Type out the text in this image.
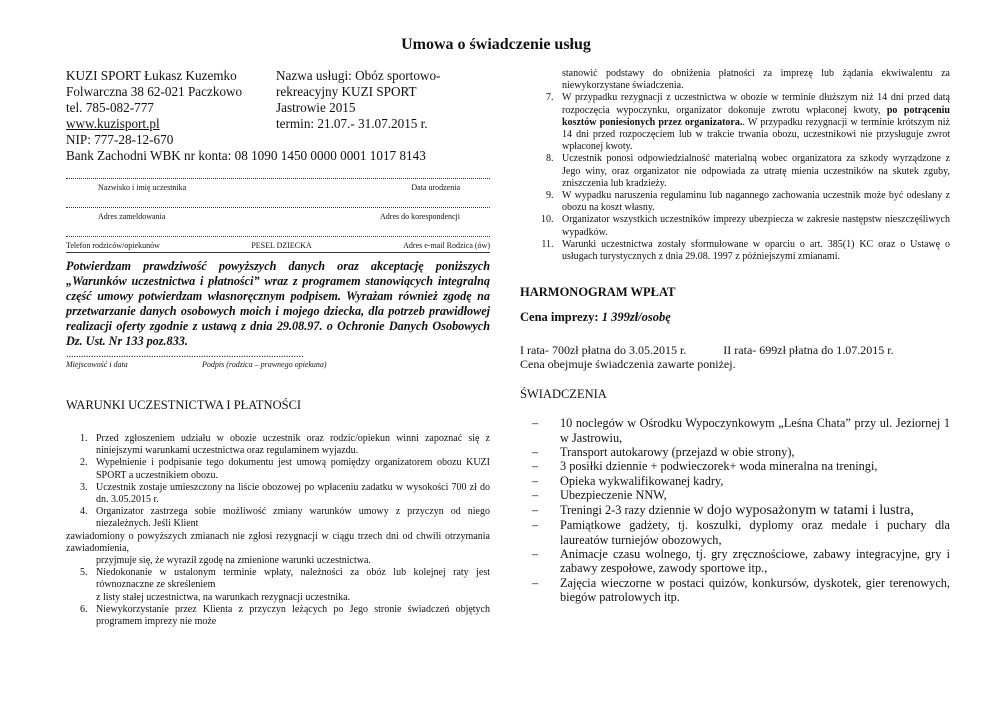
Umowa o świadczenie usług
KUZI SPORT Łukasz Kuzemko
Folwarczna 38 62-021 Paczkowo
tel. 785-082-777
www.kuzisport.pl
NIP: 777-28-12-670
Nazwa usługi: Obóz sportowo-
rekreacyjny KUZI SPORT
Jastrowie 2015
termin: 21.07.- 31.07.2015 r.
Bank Zachodni WBK nr konta: 08 1090 1450 0000 0001 1017 8143
Nazwisko i imię uczestnika	Data urodzenia
Adres zameldowania	Adres do korespondencji
Telefon rodziców/opiekunów	PESEL DZIECKA	Adres e-mail Rodzica (ów)
Potwierdzam prawdziwość powyższych danych oraz akceptację poniższych „Warunków uczestnictwa i płatności” wraz z programem stanowiących integralną część umowy potwierdzam własnoręcznym podpisem. Wyrażam również zgodę na przetwarzanie danych osobowych moich i mojego dziecka, dla potrzeb prawidłowej realizacji oferty zgodnie z ustawą z dnia 29.08.97. o Ochronie Danych Osobowych Dz. Ust. Nr 133 poz.833.
...............................................................................................
Miejscowość i data	Podpis (rodzica – prawnego opiekuna)
WARUNKI UCZESTNICTWA I PŁATNOŚCI
1. Przed zgłoszeniem udziału w obozie uczestnik oraz rodzic/opiekun winni zapoznać się z niniejszymi warunkami uczestnictwa oraz regulaminem wyjazdu.
2. Wypełnienie i podpisanie tego dokumentu jest umową pomiędzy organizatorem obozu KUZI SPORT a uczestnikiem obozu.
3. Uczestnik zostaje umieszczony na liście obozowej po wpłaceniu zadatku w wysokości 700 zł do dn. 3.05.2015 r.
4. Organizator zastrzega sobie możliwość zmiany warunków umowy z przyczyn od niego niezależnych. Jeśli Klient
zawiadomiony o powyższych zmianach nie zgłosi rezygnacji w ciągu trzech dni od chwili otrzymania zawiadomienia,
przyjmuje się, że wyraził zgodę na zmienione warunki uczestnictwa.
5. Niedokonanie w ustalonym terminie wpłaty, należności za obóz lub kolejnej raty jest równoznaczne ze skreśleniem
z listy stałej uczestnictwa, na warunkach rezygnacji uczestnika.
6. Niewykorzystanie przez Klienta z przyczyn leżących po Jego stronie świadczeń objętych programem imprezy nie może
stanowić podstawy do obniżenia płatności za imprezę lub żądania ekwiwalentu za niewykorzystane świadczenia.
7. W przypadku rezygnacji z uczestnictwa w obozie w terminie dłuższym niż 14 dni przed datą rozpoczęcia wypoczynku, organizator dokonuje zwrotu wpłaconej kwoty, po potrąceniu kosztów poniesionych przez organizatora.. W przypadku rezygnacji w terminie krótszym niż 14 dni przed rozpoczęciem lub w trakcie trwania obozu, uczestnikowi nie przysługuje zwrot wpłaconej kwoty.
8. Uczestnik ponosi odpowiedzialność materialną wobec organizatora za szkody wyrządzone z Jego winy, oraz organizator nie odpowiada za utratę mienia uczestników na skutek zguby, zniszczenia lub kradzieży.
9. W wypadku naruszenia regulaminu lub nagannego zachowania uczestnik może być odesłany z obozu na koszt własny.
10. Organizator wszystkich uczestników imprezy ubezpiecza w zakresie następstw nieszczęśliwych wypadków.
11. Warunki uczestnictwa zostały sformułowane w oparciu o art. 385(1) KC oraz o Ustawę o usługach turystycznych z dnia 29.08. 1997 z późniejszymi zmianami.
HARMONOGRAM WPŁAT
Cena imprezy: 1 399zł/osobę
I rata- 700zł płatna do 3.05.2015 r.	II rata- 699zł płatna do 1.07.2015 r.
Cena obejmuje świadczenia zawarte poniżej.
ŚWIADCZENIA
– 10 noclegów w Ośrodku Wypoczynkowym „Leśna Chata” przy ul. Jeziornej 1 w Jastrowiu,
– Transport autokarowy (przejazd w obie strony),
– 3 posiłki dziennie + podwieczorek+ woda mineralna na treningi,
– Opieka wykwalifikowanej kadry,
– Ubezpieczenie NNW,
– Treningi 2-3 razy dziennie w dojo wyposażonym w tatami i lustra,
– Pamiątkowe gadżety, tj. koszulki, dyplomy oraz medale i puchary dla laureatów turniejów obozowych,
– Animacje czasu wolnego, tj. gry zręcznościowe, zabawy integracyjne, gry i zabawy zespołowe, zawody sportowe itp.,
– Zajęcia wieczorne w postaci quizów, konkursów, dyskotek, gier terenowych, biegów patrolowych itp.
